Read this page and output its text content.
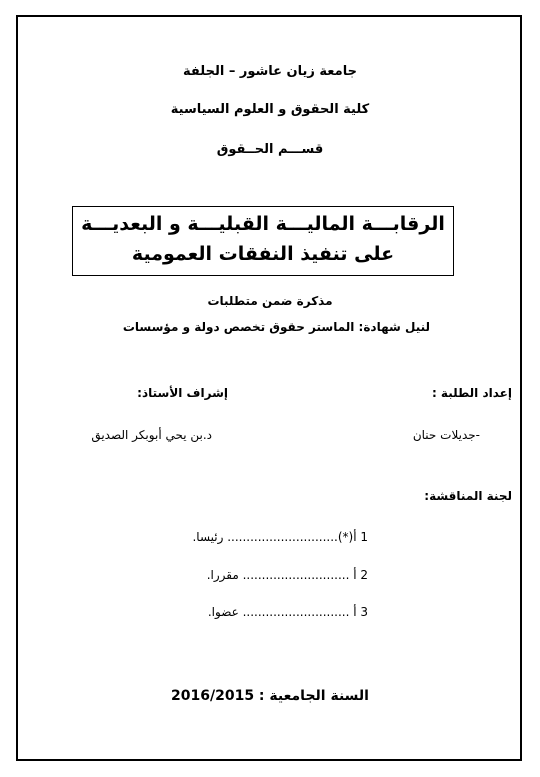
جامعة زيان عاشور – الجلفة
كلية الحقوق و العلوم السياسية
قســـم الحــقوق
الرقابـــة الماليـــة القبليـــة و البعديـــة
على تنفيذ النفقات العمومية
مذكرة ضمن متطلبات
لنيل شهادة: الماستر حقوق تخصص دولة و مؤسسات
إعداد الطلبة :
إشراف الأستاذ:
-جديلات حنان
د.بن يحي أبوبكر الصديق
لجنة المناقشة:
1 أ(*)............................. رئيسا.
2 أ ............................ مقررا.
3 أ ............................ عضوا.
السنة الجامعية : 2016/2015
